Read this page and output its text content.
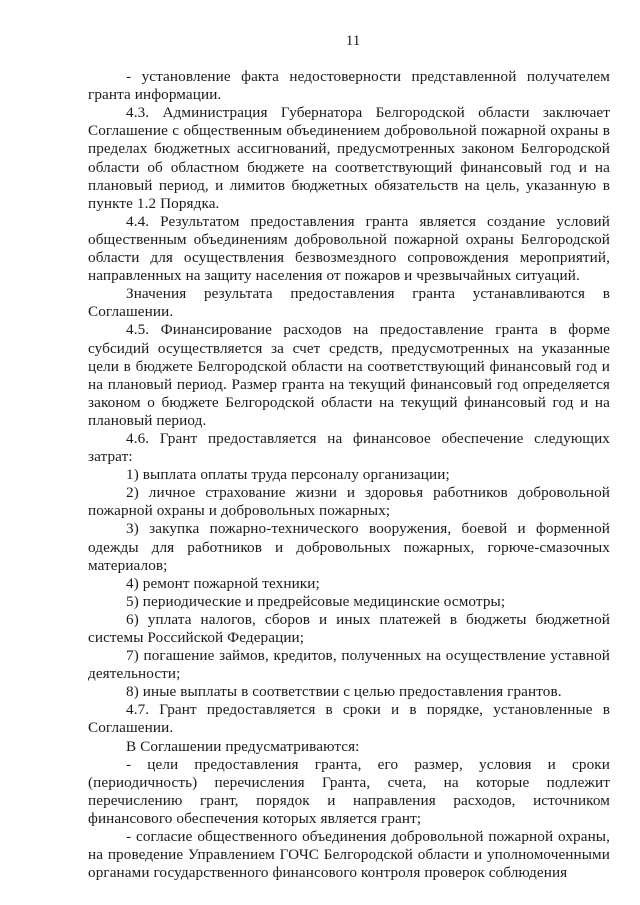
11

- установление факта недостоверности представленной получателем гранта информации.

4.3. Администрация Губернатора Белгородской области заключает Соглашение с общественным объединением добровольной пожарной охраны в пределах бюджетных ассигнований, предусмотренных законом Белгородской области об областном бюджете на соответствующий финансовый год и на плановый период, и лимитов бюджетных обязательств на цель, указанную в пункте 1.2 Порядка.

4.4. Результатом предоставления гранта является создание условий общественным объединениям добровольной пожарной охраны Белгородской области для осуществления безвозмездного сопровождения мероприятий, направленных на защиту населения от пожаров и чрезвычайных ситуаций.

Значения результата предоставления гранта устанавливаются в Соглашении.

4.5. Финансирование расходов на предоставление гранта в форме субсидий осуществляется за счет средств, предусмотренных на указанные цели в бюджете Белгородской области на соответствующий финансовый год и на плановый период. Размер гранта на текущий финансовый год определяется законом о бюджете Белгородской области на текущий финансовый год и на плановый период.

4.6. Грант предоставляется на финансовое обеспечение следующих затрат:

1) выплата оплаты труда персоналу организации;

2) личное страхование жизни и здоровья работников добровольной пожарной охраны и добровольных пожарных;

3) закупка пожарно-технического вооружения, боевой и форменной одежды для работников и добровольных пожарных, горюче-смазочных материалов;

4) ремонт пожарной техники;

5) периодические и предрейсовые медицинские осмотры;

6) уплата налогов, сборов и иных платежей в бюджеты бюджетной системы Российской Федерации;

7) погашение займов, кредитов, полученных на осуществление уставной деятельности;

8) иные выплаты в соответствии с целью предоставления грантов.

4.7. Грант предоставляется в сроки и в порядке, установленные в Соглашении.

В Соглашении предусматриваются:

- цели предоставления гранта, его размер, условия и сроки (периодичность) перечисления Гранта, счета, на которые подлежит перечислению грант, порядок и направления расходов, источником финансового обеспечения которых является грант;

- согласие общественного объединения добровольной пожарной охраны, на проведение Управлением ГОЧС Белгородской области и уполномоченными органами государственного финансового контроля проверок соблюдения
